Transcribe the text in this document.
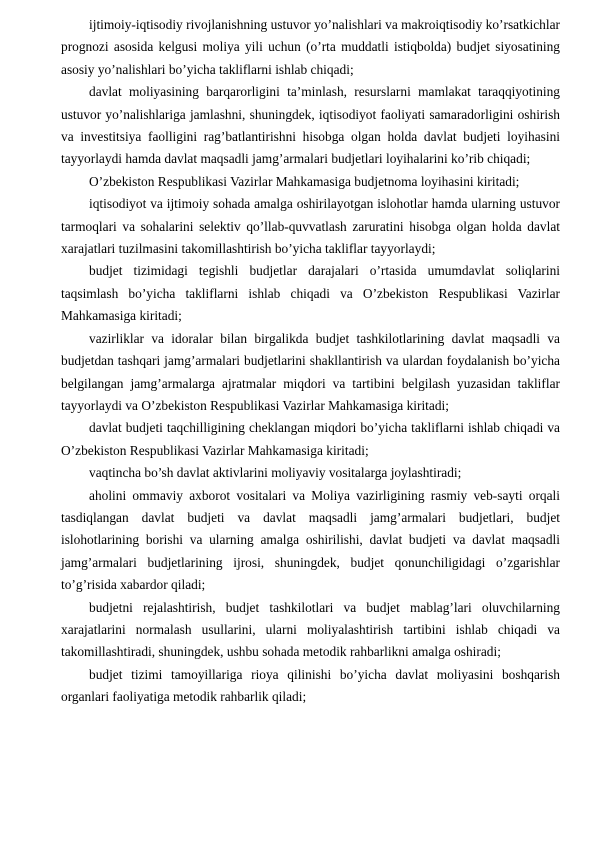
ijtimoiy-iqtisodiy rivojlanishning ustuvor yo’nalishlari va makroiqtisodiy ko’rsatkichlar prognozi asosida kelgusi moliya yili uchun (o’rta muddatli istiqbolda) budjet siyosatining asosiy yo’nalishlari bo’yicha takliflarni ishlab chiqadi;

davlat moliyasining barqarorligini ta’minlash, resurslarni mamlakat taraqqiyotining ustuvor yo’nalishlariga jamlashni, shuningdek, iqtisodiyot faoliyati samaradorligini oshirish va investitsiya faolligini rag’batlantirishni hisobga olgan holda davlat budjeti loyihasini tayyorlaydi hamda davlat maqsadli jamg’armalari budjetlari loyihalarini ko’rib chiqadi;

O’zbekiston Respublikasi Vazirlar Mahkamasiga budjetnoma loyihasini kiritadi;

iqtisodiyot va ijtimoiy sohada amalga oshirilayotgan islohotlar hamda ularning ustuvor tarmoqlari va sohalarini selektiv qo’llab-quvvatlash zaruratini hisobga olgan holda davlat xarajatlari tuzilmasini takomillashtirish bo’yicha takliflar tayyorlaydi;

budjet tizimidagi tegishli budjetlar darajalari o’rtasida umumdavlat soliqlarini taqsimlash bo’yicha takliflarni ishlab chiqadi va O’zbekiston Respublikasi Vazirlar Mahkamasiga kiritadi;

vazirliklar va idoralar bilan birgalikda budjet tashkilotlarining davlat maqsadli va budjetdan tashqari jamg’armalari budjetlarini shakllantirish va ulardan foydalanish bo’yicha belgilangan jamg’armalarga ajratmalar miqdori va tartibini belgilash yuzasidan takliflar tayyorlaydi va O’zbekiston Respublikasi Vazirlar Mahkamasiga kiritadi;

davlat budjeti taqchilligining cheklangan miqdori bo’yicha takliflarni ishlab chiqadi va O’zbekiston Respublikasi Vazirlar Mahkamasiga kiritadi;

vaqtincha bo’sh davlat aktivlarini moliyaviy vositalarga joylashtiradi;

aholini ommaviy axborot vositalari va Moliya vazirligining rasmiy veb-sayti orqali tasdiqlangan davlat budjeti va davlat maqsadli jamg’armalari budjetlari, budjet islohotlarining borishi va ularning amalga oshirilishi, davlat budjeti va davlat maqsadli jamg’armalari budjetlarining ijrosi, shuningdek, budjet qonunchiligidagi o’zgarishlar to’g’risida xabardor qiladi;

budjetni rejalashtirish, budjet tashkilotlari va budjet mablag’lari oluvchilarning xarajatlarini normalash usullarini, ularni moliyalashtirish tartibini ishlab chiqadi va takomillashtiradi, shuningdek, ushbu sohada metodik rahbarlikni amalga oshiradi;

budjet tizimi tamoyillariga rioya qilinishi bo’yicha davlat moliyasini boshqarish organlari faoliyatiga metodik rahbarlik qiladi;
